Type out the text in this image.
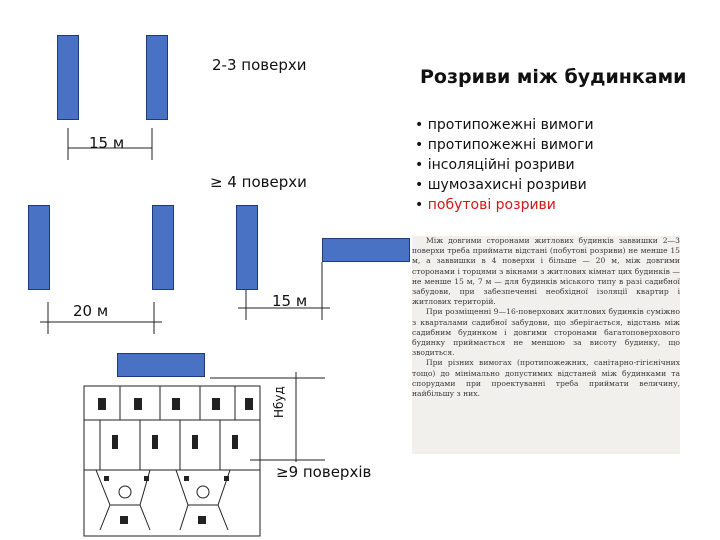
2-3 поверхи
15 м
≥ 4 поверхи
20 м
15 м
Hбуд
≥9 поверхів
Розриви між будинками
• протипожежні вимоги
• протипожежні вимоги
• інсоляційні розриви
• шумозахисні розриви
• побутові розриви

Між довгими сторонами житлових будинків заввишки 2—3 поверхи треба приймати відстані (побутові розриви) не менше 15 м, а заввишки в 4 поверхи і більше — 20 м, між довгими сторонами і торцями з вікнами з житлових кімнат цих будинків — не менше 15 м, 7 м — для будинків міського типу в разі садибної забудови, при забезпеченні необхідної ізоляції квартир і житлових територій.

При розміщенні 9—16-поверхових житлових будинків суміжно з кварталами садибної забудови, що зберігається, відстань між садибним будинком і довгими сторонами багатоповерхового будинку приймається не меншою за висоту будинку, що зводиться.

При різних вимогах (протипожежних, санітарно-гігієнічних тощо) до мінімально допустимих відстаней між будинками та спорудами при проектуванні треба приймати величину, найбільшу з них.
